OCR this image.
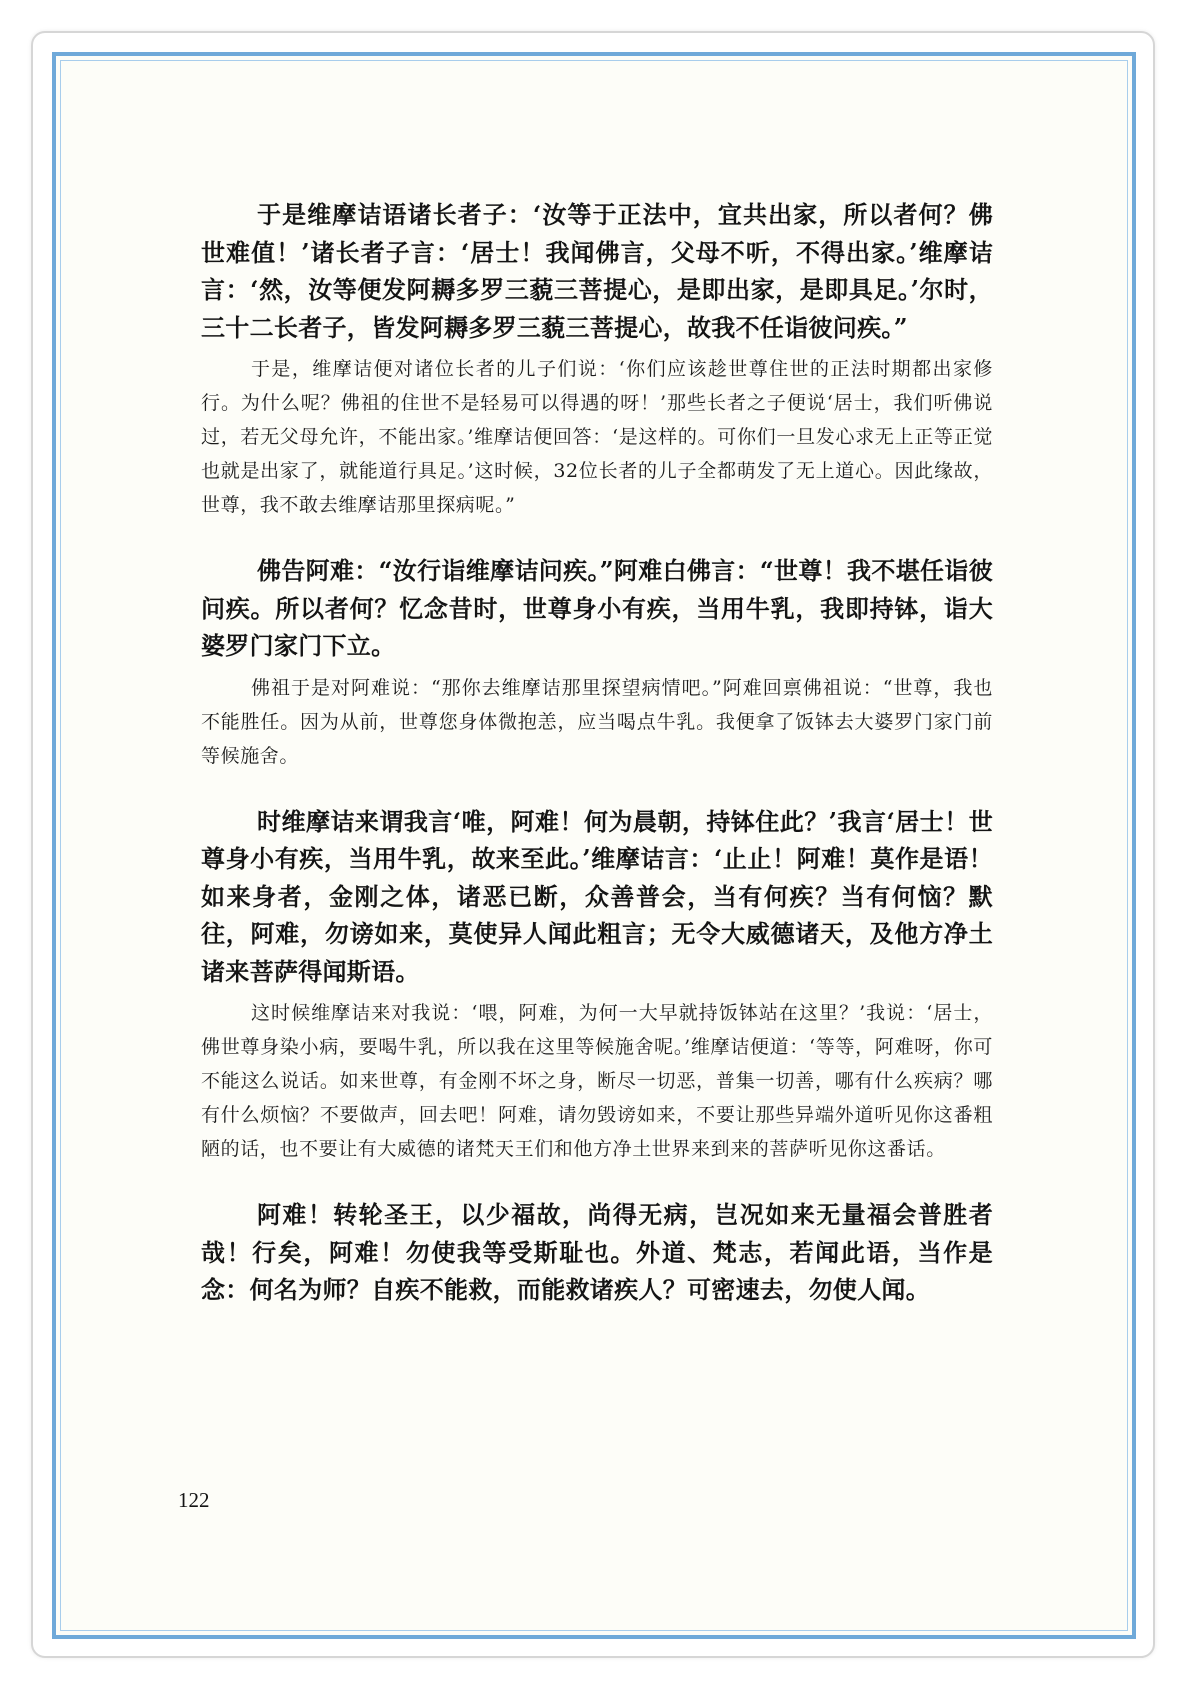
于是维摩诘语诸长者子：‘汝等于正法中，宜共出家，所以者何？佛世难值！’诸长者子言：‘居士！我闻佛言，父母不听，不得出家。’维摩诘言：‘然，汝等便发阿耨多罗三藐三菩提心，是即出家，是即具足。’尔时，三十二长者子，皆发阿耨多罗三藐三菩提心，故我不任诣彼问疾。”

于是，维摩诘便对诸位长者的儿子们说：‘你们应该趁世尊住世的正法时期都出家修行。为什么呢？佛祖的住世不是轻易可以得遇的呀！’那些长者之子便说‘居士，我们听佛说过，若无父母允许，不能出家。’维摩诘便回答：‘是这样的。可你们一旦发心求无上正等正觉也就是出家了，就能道行具足。’这时候，32位长者的儿子全都萌发了无上道心。因此缘故，世尊，我不敢去维摩诘那里探病呢。”

佛告阿难：“汝行诣维摩诘问疾。”阿难白佛言：“世尊！我不堪任诣彼问疾。所以者何？忆念昔时，世尊身小有疾，当用牛乳，我即持钵，诣大婆罗门家门下立。

佛祖于是对阿难说：“那你去维摩诘那里探望病情吧。”阿难回禀佛祖说：“世尊，我也不能胜任。因为从前，世尊您身体微抱恙，应当喝点牛乳。我便拿了饭钵去大婆罗门家门前等候施舍。

时维摩诘来谓我言‘唯，阿难！何为晨朝，持钵住此？’我言‘居士！世尊身小有疾，当用牛乳，故来至此。’维摩诘言：‘止止！阿难！莫作是语！如来身者，金刚之体，诸恶已断，众善普会，当有何疾？当有何恼？默往，阿难，勿谤如来，莫使异人闻此粗言；无令大威德诸天，及他方净土诸来菩萨得闻斯语。

这时候维摩诘来对我说：‘喂，阿难，为何一大早就持饭钵站在这里？’我说：‘居士，佛世尊身染小病，要喝牛乳，所以我在这里等候施舍呢。’维摩诘便道：‘等等，阿难呀，你可不能这么说话。如来世尊，有金刚不坏之身，断尽一切恶，普集一切善，哪有什么疾病？哪有什么烦恼？不要做声，回去吧！阿难，请勿毁谤如来，不要让那些异端外道听见你这番粗陋的话，也不要让有大威德的诸梵天王们和他方净土世界来到来的菩萨听见你这番话。

阿难！转轮圣王，以少福故，尚得无病，岂况如来无量福会普胜者哉！行矣，阿难！勿使我等受斯耻也。外道、梵志，若闻此语，当作是念：何名为师？自疾不能救，而能救诸疾人？可密速去，勿使人闻。

122
